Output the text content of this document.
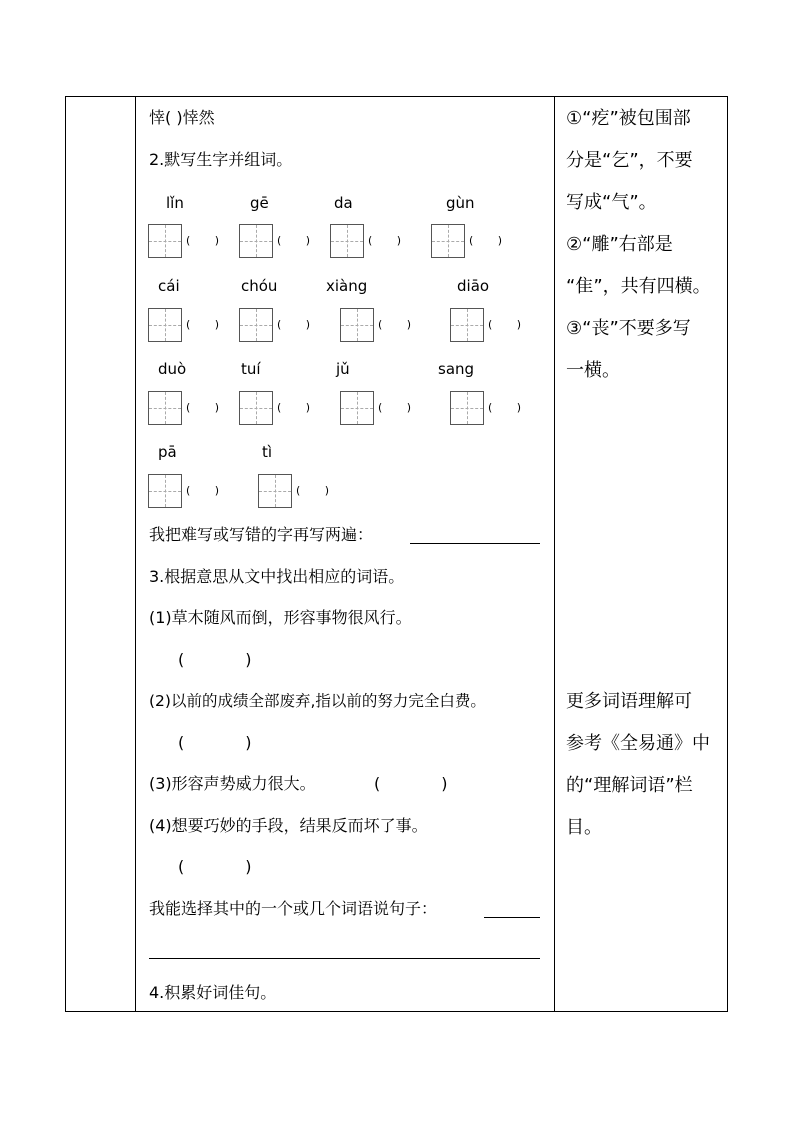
悻( )悻然
2.默写生字并组词。
lǐn	gē	da	gùn
(       )	(       )	(       )	(       )
cái	chóu	xiàng	diāo
(       )	(       )	(       )	(       )
duò	tuí	jǔ	sang
(       )	(       )	(       )	(       )
pā	tì
(       )	(       )
我把难写或写错的字再写两遍：
3.根据意思从文中找出相应的词语。
(1)草木随风而倒，形容事物很风行。
(            )
(2)以前的成绩全部废弃,指以前的努力完全白费。
(            )
(3)形容声势威力很大。	(            )
(4)想要巧妙的手段，结果反而坏了事。
(            )
我能选择其中的一个或几个词语说句子：
4.积累好词佳句。
①“疙”被包围部
分是“乞”，不要
写成“气”。
②“雕”右部是
“隹”，共有四横。
③“丧”不要多写
一横。
更多词语理解可
参考《全易通》中
的“理解词语”栏
目。
